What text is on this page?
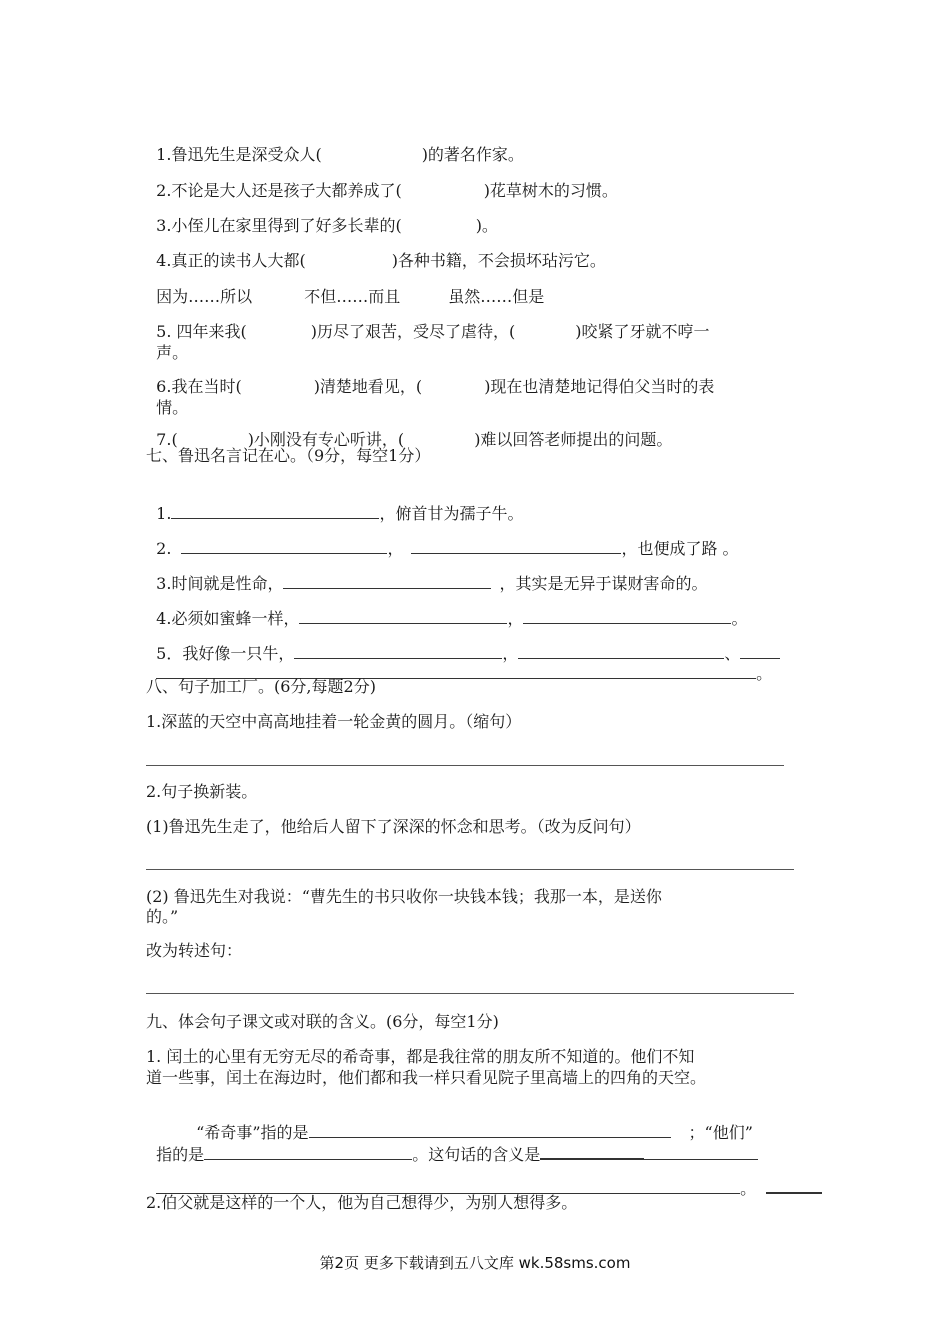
1.鲁迅先生是深受众人(	)的著名作家。

2.不论是大人还是孩子大都养成了(	)花草树木的习惯。

3.小侄儿在家里得到了好多长辈的(	)。

4.真正的读书人大都(	)各种书籍，不会损坏玷污它。

因为……所以	不但……而且	虽然……但是

5. 四年来我(	)历尽了艰苦，受尽了虐待，(	)咬紧了牙就不哼一

声。

6.我在当时(	)清楚地看见，(	)现在也清楚地记得伯父当时的表

情。

7.(	)小刚没有专心听讲，(	)难以回答老师提出的问题。

七、鲁迅名言记在心。（9分，每空1分）

1.	，俯首甘为孺子牛。

2.	，	，也便成了路 。

3.时间就是性命，	，其实是无异于谋财害命的。

4.必须如蜜蜂一样，	，	。

5．我好像一只牛，	，	、

。

八、句子加工厂。(6分,每题2分)
1.深蓝的天空中高高地挂着一轮金黄的圆月。（缩句）
2.句子换新装。
(1)鲁迅先生走了，他给后人留下了深深的怀念和思考。（改为反问句）
(2) 鲁迅先生对我说：“曹先生的书只收你一块钱本钱；我那一本，是送你
的。”
改为转述句：
九、体会句子课文或对联的含义。(6分，每空1分)
1. 闰土的心里有无穷无尽的希奇事，都是我往常的朋友所不知道的。他们不知
道一些事，闰土在海边时，他们都和我一样只看见院子里高墙上的四角的天空。

“希奇事”指的是	；“他们”

指的是	。这句话的含义是

。

2.伯父就是这样的一个人，他为自己想得少，为别人想得多。
第2页 更多下载请到五八文库 wk.58sms.com
